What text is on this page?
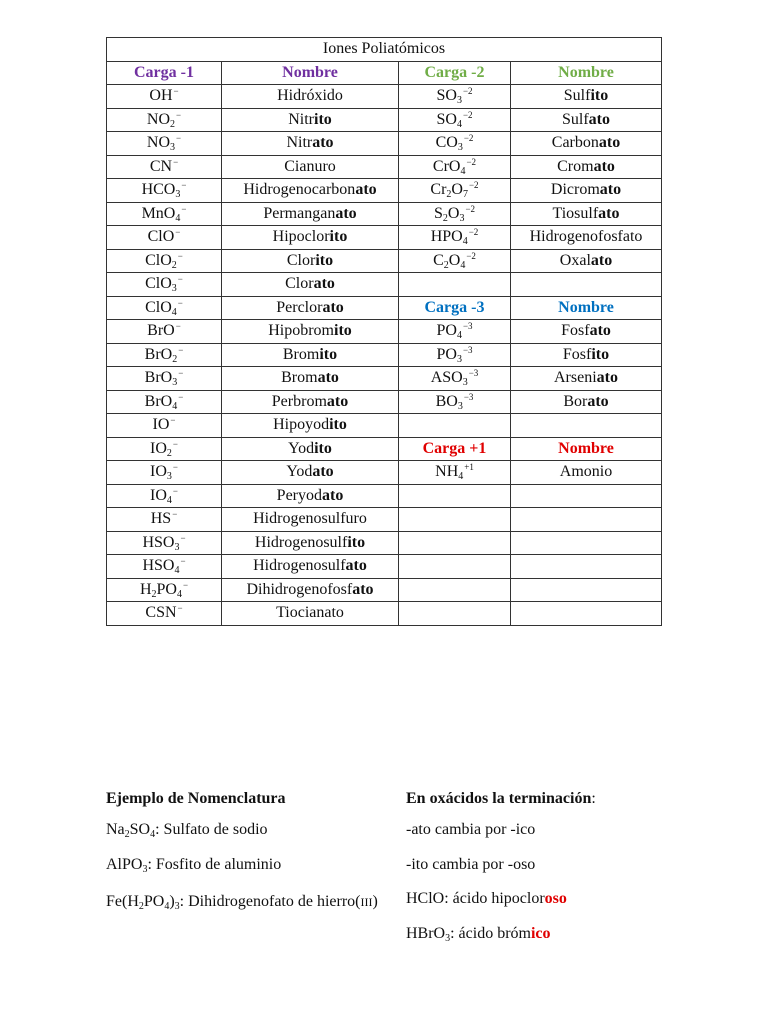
Iones Poliatómicos			
Carga -1	Nombre	Carga -2	Nombre
OH−	Hidróxido	$SO_3^{-2}$	Sulfito
$NO_2^-$	Nitrito	$SO_4^{-2}$	Sulfato
$NO_3^-$	Nitrato	$CO_3^{-2}$	Carbonato
CN−	Cianuro	CrO$_4^{-2}$	Cromato
$HCO_3^-$	Hidrogenocarbonato	$Cr_2O_7^{-2}$	Dicromato
MnO$_4$−	Permanganato	$S_2O_3^{-2}$	Tiosulfato
ClO−	Hipoclorito	$HPO_4^{-2}$	Hidrogenofosfato
ClO$_2$−	Clorito	$C_2O_4^{-2}$	Oxalato
ClO$_3$−	Clorato		
ClO$_4$−	Perclorato	Carga -3	Nombre
BrO−	Hipobromito	$PO_4^{-3}$	Fosfato
BrO$_2$−	Bromito	$PO_3^{-3}$	Fosfito
BrO$_3$−	Bromato	$ASO_3^{-3}$	Arseniato
BrO$_4$−	Perbromato	$BO_3^{-3}$	Borato
IO−	Hipoyodito		
$IO_2^-$	Yodito	Carga +1	Nombre
$IO_3^-$	Yodato	$NH_4^{+1}$	Amonio
$IO_4^-$	Peryodato		
HS−	Hidrogenosulfuro		
$HSO_3^-$	Hidrogenosulfito		
$HSO_4^-$	Hidrogenosulfato		
$H_2PO_4^-$	Dihidrogenofosfato		
CSN−	Tiocianato		
Ejemplo de Nomenclatura
$Na_2SO_4$: Sulfato de sodio
AlPO$_3$: Fosfito de aluminio
$Fe(H_2PO_4)_3$: Dihidrogenofato de hierro(III)
En oxácidos la terminación:
-ato cambia por -ico
-ito cambia por -oso
HClO: ácido hipocloroso
HBrO$_3$: ácido brómico
